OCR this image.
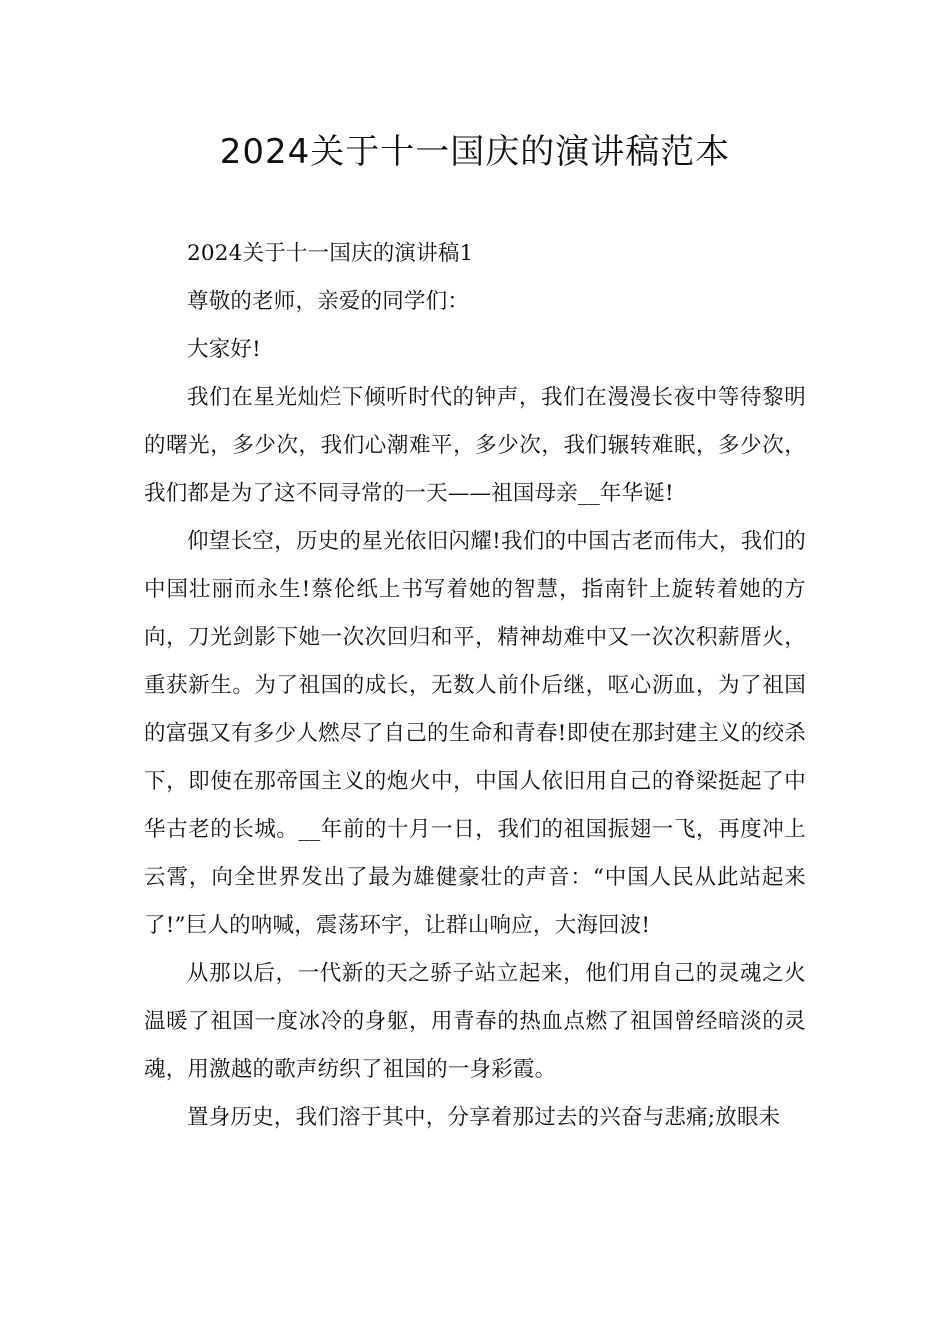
2024关于十一国庆的演讲稿范本

2024关于十一国庆的演讲稿1

尊敬的老师，亲爱的同学们：

大家好!

我们在星光灿烂下倾听时代的钟声，我们在漫漫长夜中等待黎明的曙光，多少次，我们心潮难平，多少次，我们辗转难眠，多少次，我们都是为了这不同寻常的一天——祖国母亲__年华诞!

仰望长空，历史的星光依旧闪耀!我们的中国古老而伟大，我们的中国壮丽而永生!蔡伦纸上书写着她的智慧，指南针上旋转着她的方向，刀光剑影下她一次次回归和平，精神劫难中又一次次积薪厝火，重获新生。为了祖国的成长，无数人前仆后继，呕心沥血，为了祖国的富强又有多少人燃尽了自己的生命和青春!即使在那封建主义的绞杀下，即使在那帝国主义的炮火中，中国人依旧用自己的脊梁挺起了中华古老的长城。__年前的十月一日，我们的祖国振翅一飞，再度冲上云霄，向全世界发出了最为雄健豪壮的声音：“中国人民从此站起来了!”巨人的呐喊，震荡环宇，让群山响应，大海回波!

从那以后，一代新的天之骄子站立起来，他们用自己的灵魂之火温暖了祖国一度冰冷的身躯，用青春的热血点燃了祖国曾经暗淡的灵魂，用激越的歌声纺织了祖国的一身彩霞。

置身历史，我们溶于其中，分享着那过去的兴奋与悲痛;放眼未
